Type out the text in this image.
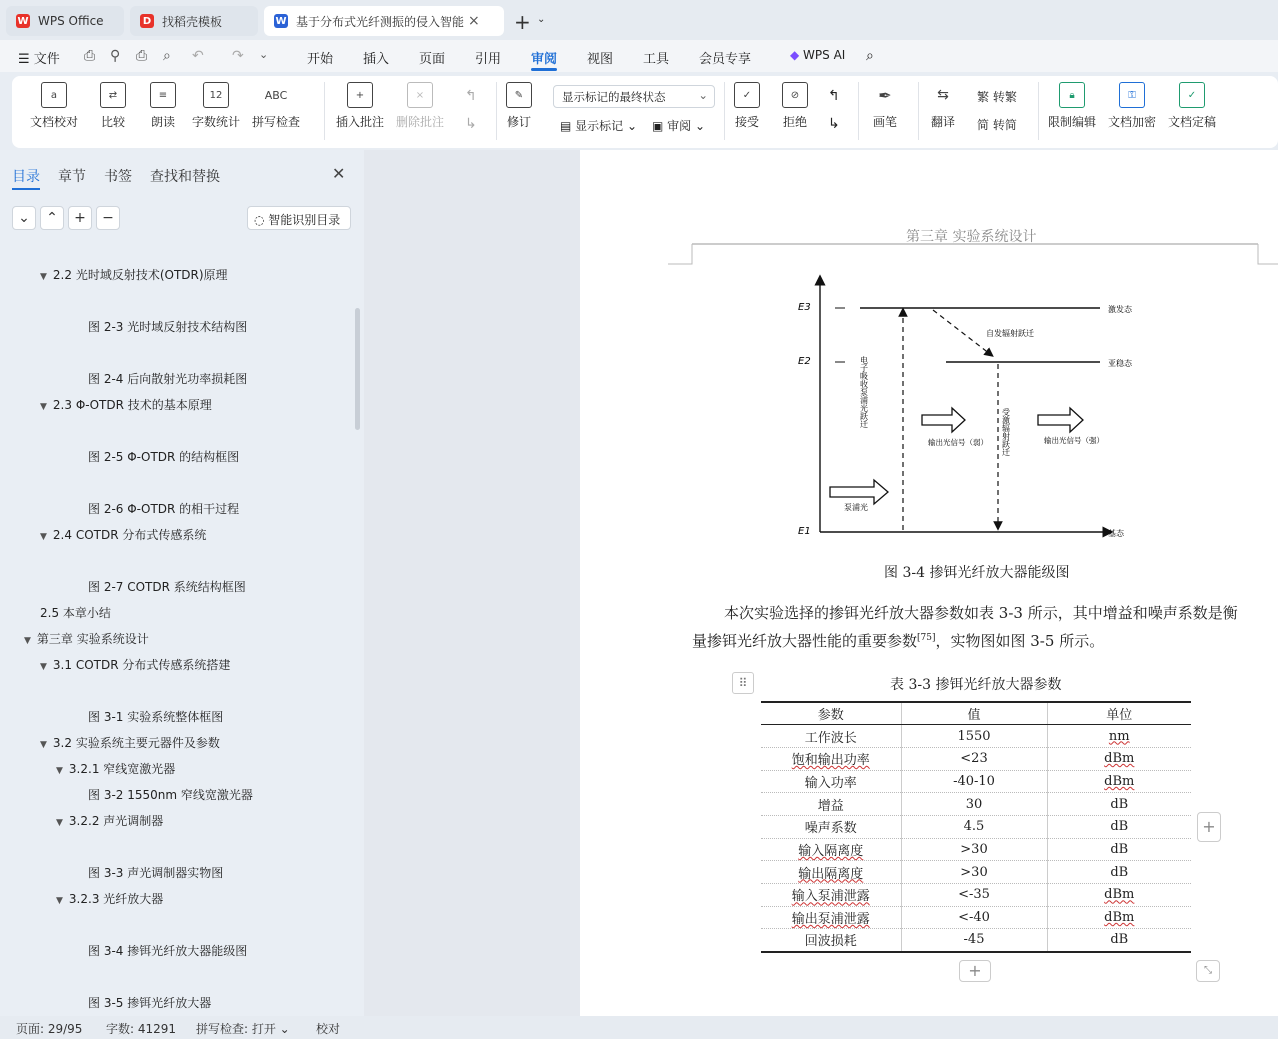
W WPS Office	D 找稻壳模板	W 基于分布式光纤测振的侵入智能 × + ⌄
☰ 文件 ⎙ ⚲ ⎙ ⌕ ↶ ↷ ⌄	开始 插入 页面 引用 审阅 视图 工具 会员专享	◆ WPS AI ⌕
a
文档校对
⇄
比较
≡
朗读
12
字数统计
ABC
拼写检查
+
插入批注
×
删除批注
↰
↳
✎
修订
显示标记的最终状态	⌄
▤ 显示标记 ⌄ ▣ 审阅 ⌄
✓
接受
⊘
拒绝
↰
↳
✒
画笔
⇆
翻译
繁 转繁
简 转简
🔒︎
限制编辑
⚿
文档加密
✓
文档定稿
目录 章节 书签 查找和替换	✕
⌄	⌃	+	−	◌ 智能识别目录
▼ 2.2 光时域反射技术(OTDR)原理
图 2-3 光时域反射技术结构图
图 2-4 后向散射光功率损耗图
▼ 2.3 Φ-OTDR 技术的基本原理
图 2-5 Φ-OTDR 的结构框图
图 2-6 Φ-OTDR 的相干过程
▼ 2.4 COTDR 分布式传感系统
图 2-7 COTDR 系统结构框图
2.5 本章小结
▼ 第三章 实验系统设计
▼ 3.1 COTDR 分布式传感系统搭建
图 3-1 实验系统整体框图
▼ 3.2 实验系统主要元器件及参数
▼ 3.2.1 窄线宽激光器
图 3-2 1550nm 窄线宽激光器
▼ 3.2.2 声光调制器
图 3-3 声光调制器实物图
▼ 3.2.3 光纤放大器
图 3-4 掺铒光纤放大器能级图
图 3-5 掺铒光纤放大器
第三章 实验系统设计
E3
E2
E1
激发态
亚稳态
基态
自发辐射跃迁
电子吸收泵浦光跃迁
受激辐射跃迁
输出光信号（弱）	输出光信号（强）
泵浦光
图 3-4 掺铒光纤放大器能级图
本次实验选择的掺铒光纤放大器参数如表 3-3 所示，其中增益和噪声系数是衡
量掺铒光纤放大器性能的重要参数[75]，实物图如图 3-5 所示。
⠿	表 3-3 掺铒光纤放大器参数
参数	值	单位
工作波长	1550	nm
饱和输出功率	<23	dBm
输入功率	-40-10	dBm
增益	30	dB
噪声系数	4.5	dB
输入隔离度	>30	dB
输出隔离度	>30	dB
输入泵浦泄露	<-35	dBm
输出泵浦泄露	<-40	dBm
回波损耗	-45	dB
+
+	⤡
页面: 29/95 字数: 41291 拼写检查: 打开 ⌄ 校对
